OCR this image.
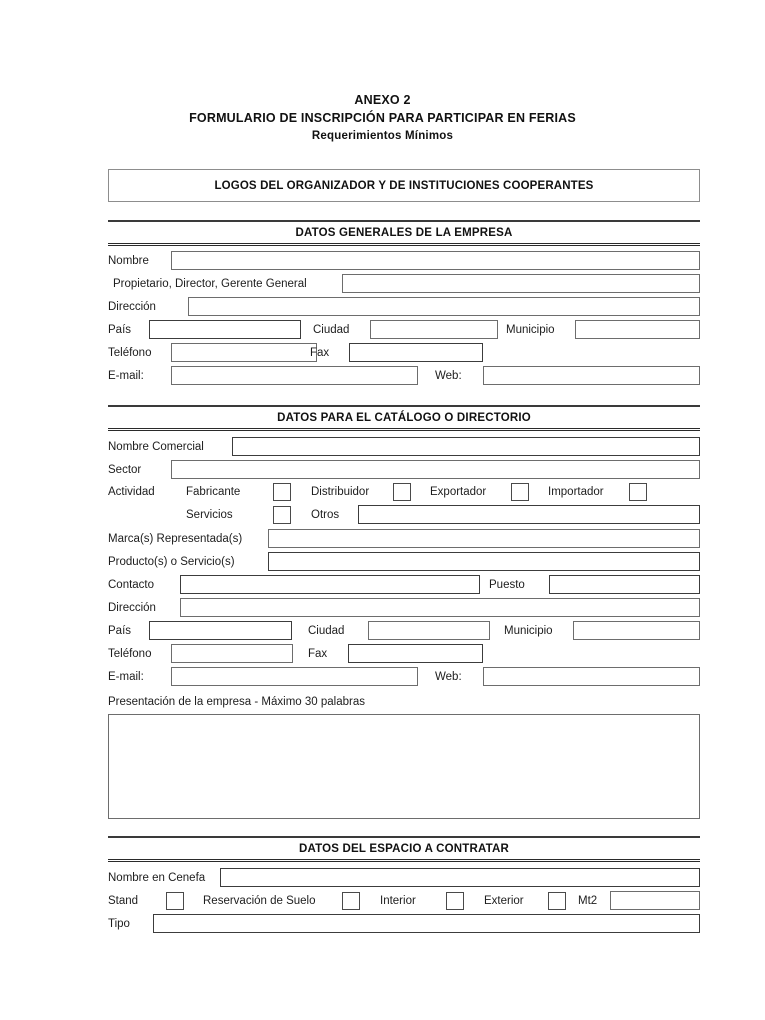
ANEXO 2
FORMULARIO DE INSCRIPCIÓN PARA PARTICIPAR EN FERIAS
Requerimientos Mínimos
LOGOS DEL ORGANIZADOR Y DE INSTITUCIONES COOPERANTES
DATOS GENERALES DE LA EMPRESA
Nombre
Propietario, Director, Gerente General
Dirección
País	Ciudad	Municipio
Teléfono	Fax
E-mail:	Web:
DATOS PARA EL CATÁLOGO O DIRECTORIO
Nombre Comercial
Sector
Actividad	Fabricante	Distribuidor	Exportador	Importador
Servicios	Otros
Marca(s) Representada(s)
Producto(s) o Servicio(s)
Contacto	Puesto
Dirección
País	Ciudad	Municipio
Teléfono	Fax
E-mail:	Web:
Presentación de la empresa - Máximo 30 palabras
DATOS DEL ESPACIO A CONTRATAR
Nombre en Cenefa
Stand	Reservación de Suelo	Interior	Exterior	Mt2
Tipo
